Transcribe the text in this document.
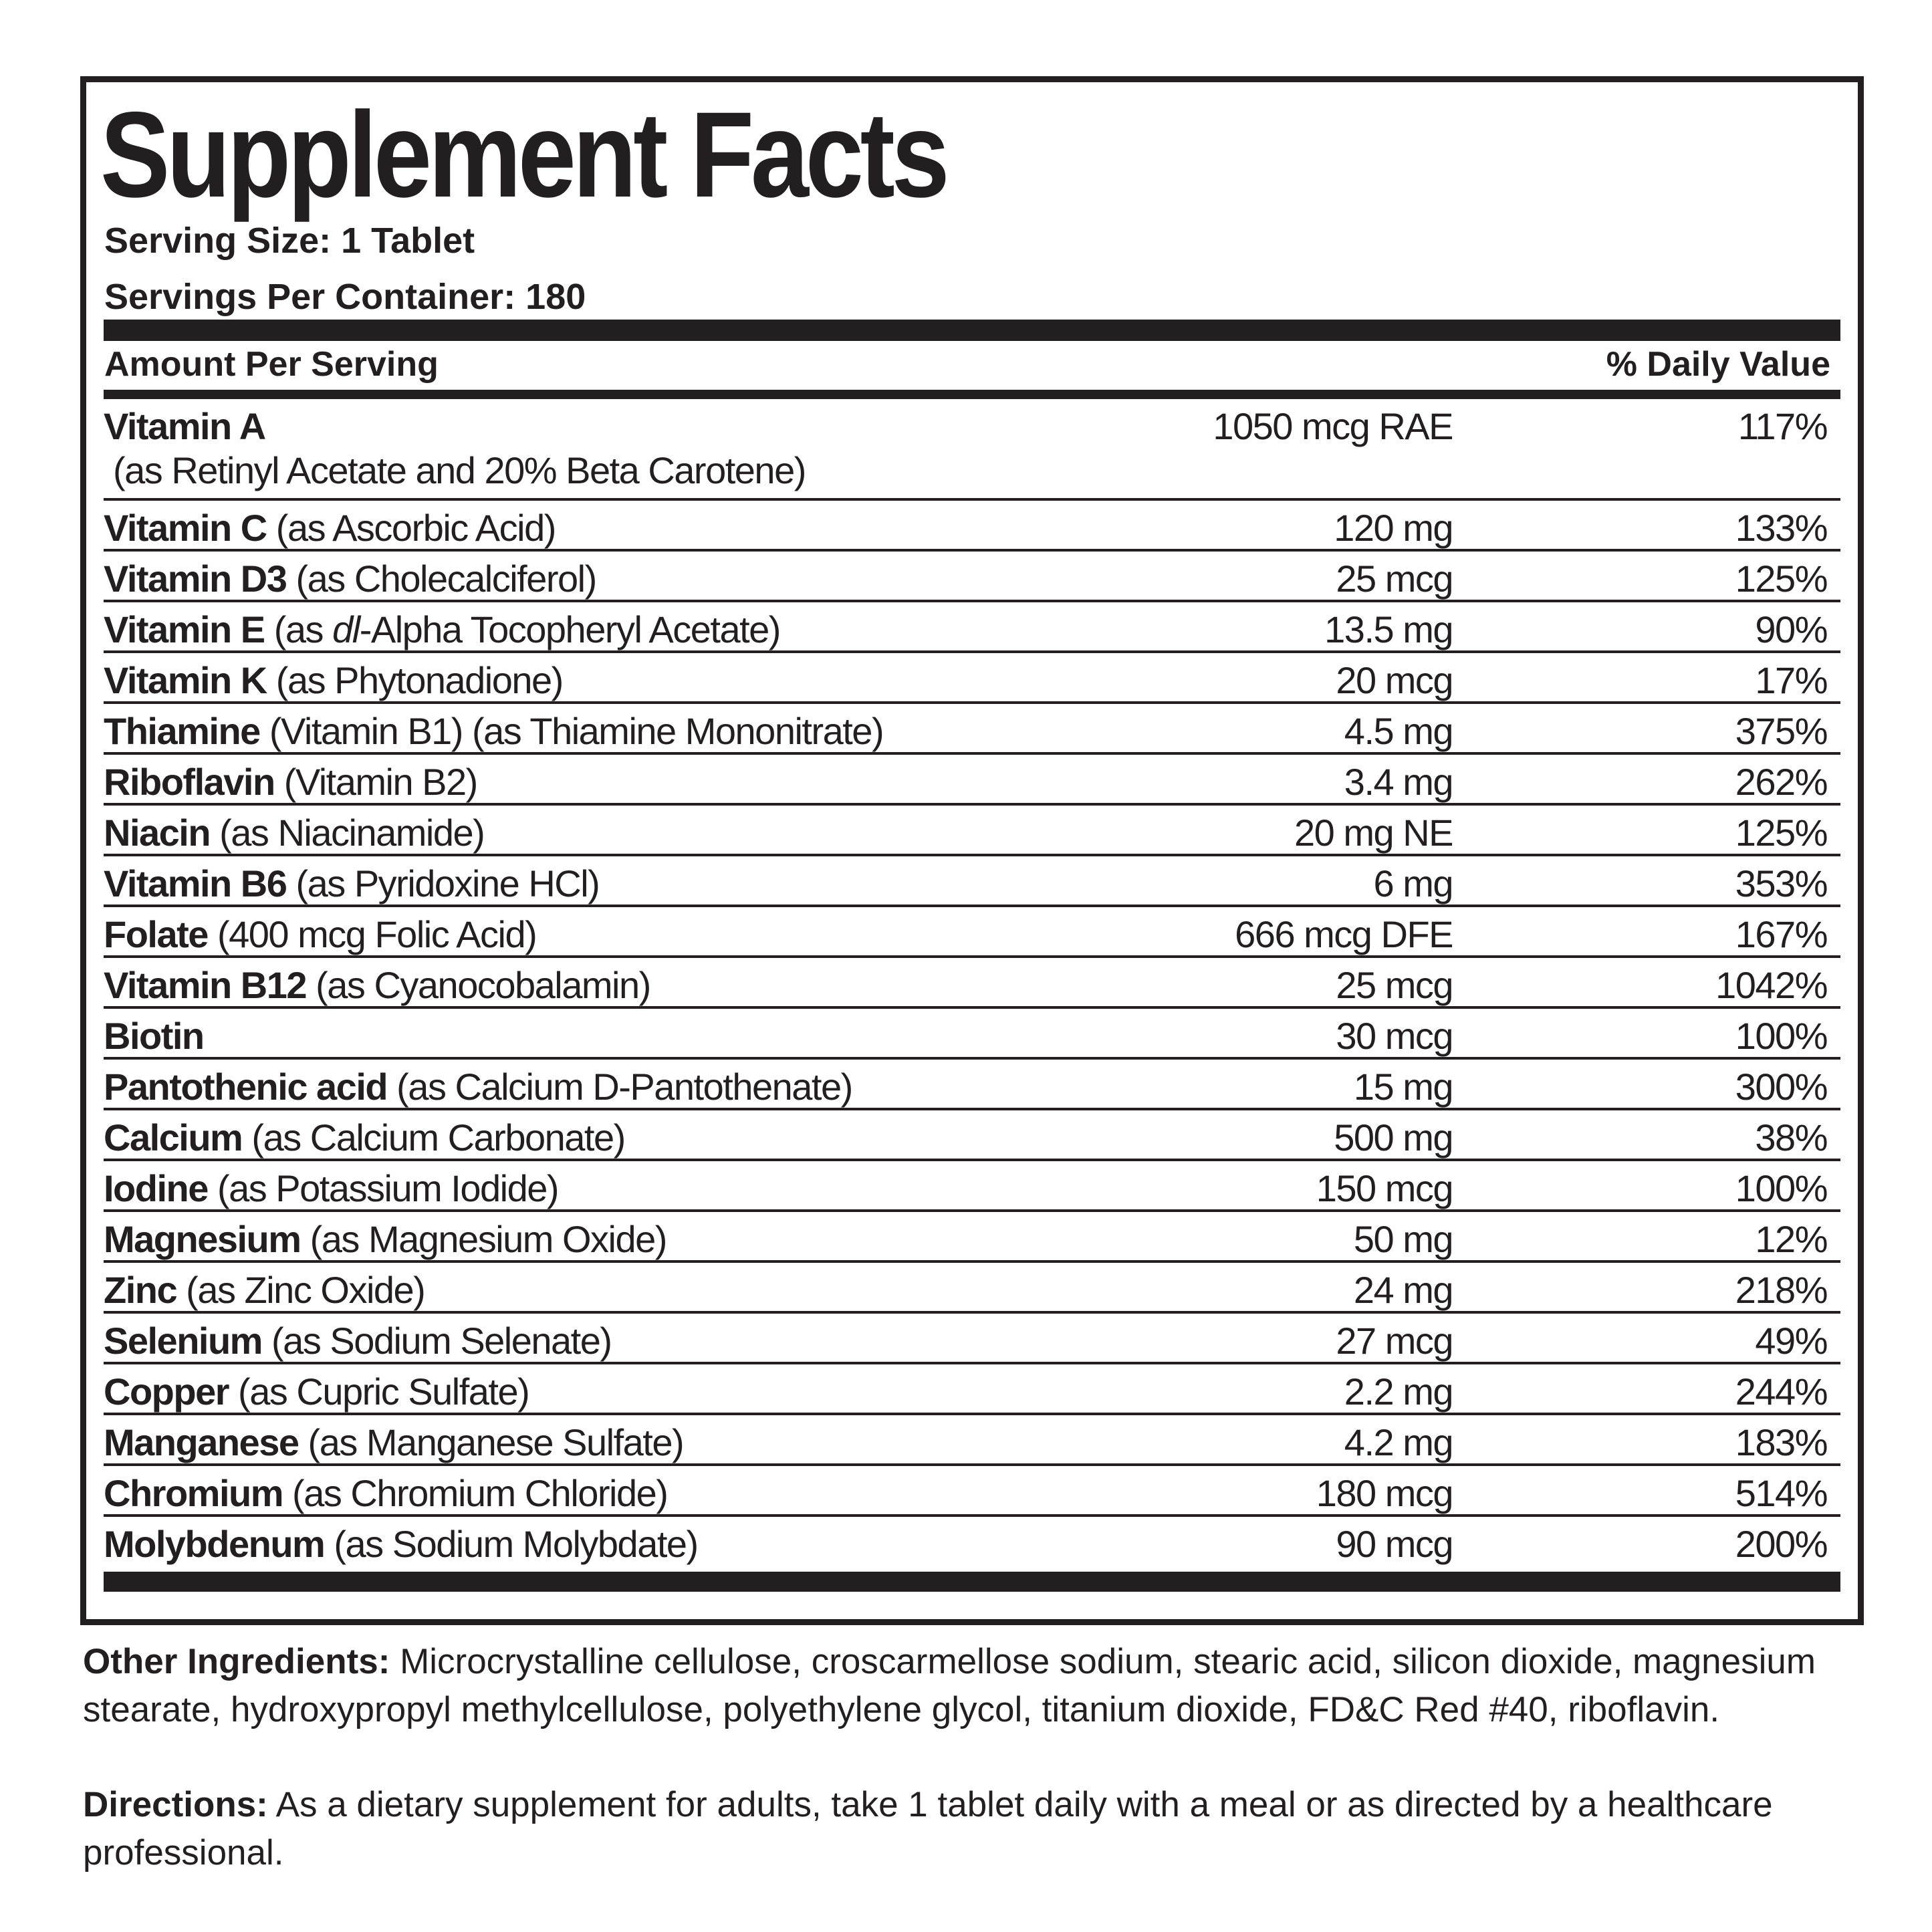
Supplement Facts
Serving Size: 1 Tablet
Servings Per Container: 180
Amount Per Serving	% Daily Value
Vitamin A
(as Retinyl Acetate and 20% Beta Carotene)
1050 mcg RAE	117%
Vitamin C (as Ascorbic Acid)	120 mg	133%
Vitamin D3 (as Cholecalciferol)	25 mcg	125%
Vitamin E (as dl-Alpha Tocopheryl Acetate)	13.5 mg	90%
Vitamin K (as Phytonadione)	20 mcg	17%
Thiamine (Vitamin B1) (as Thiamine Mononitrate)	4.5 mg	375%
Riboflavin (Vitamin B2)	3.4 mg	262%
Niacin (as Niacinamide)	20 mg NE	125%
Vitamin B6 (as Pyridoxine HCl)	6 mg	353%
Folate (400 mcg Folic Acid)	666 mcg DFE	167%
Vitamin B12 (as Cyanocobalamin)	25 mcg	1042%
Biotin	30 mcg	100%
Pantothenic acid (as Calcium D-Pantothenate)	15 mg	300%
Calcium (as Calcium Carbonate)	500 mg	38%
Iodine (as Potassium Iodide)	150 mcg	100%
Magnesium (as Magnesium Oxide)	50 mg	12%
Zinc (as Zinc Oxide)	24 mg	218%
Selenium (as Sodium Selenate)	27 mcg	49%
Copper (as Cupric Sulfate)	2.2 mg	244%
Manganese (as Manganese Sulfate)	4.2 mg	183%
Chromium (as Chromium Chloride)	180 mcg	514%
Molybdenum (as Sodium Molybdate)	90 mcg	200%

Other Ingredients: Microcrystalline cellulose, croscarmellose sodium, stearic acid, silicon dioxide, magnesium stearate, hydroxypropyl methylcellulose, polyethylene glycol, titanium dioxide, FD&C Red #40, riboflavin.

Directions: As a dietary supplement for adults, take 1 tablet daily with a meal or as directed by a healthcare professional.
